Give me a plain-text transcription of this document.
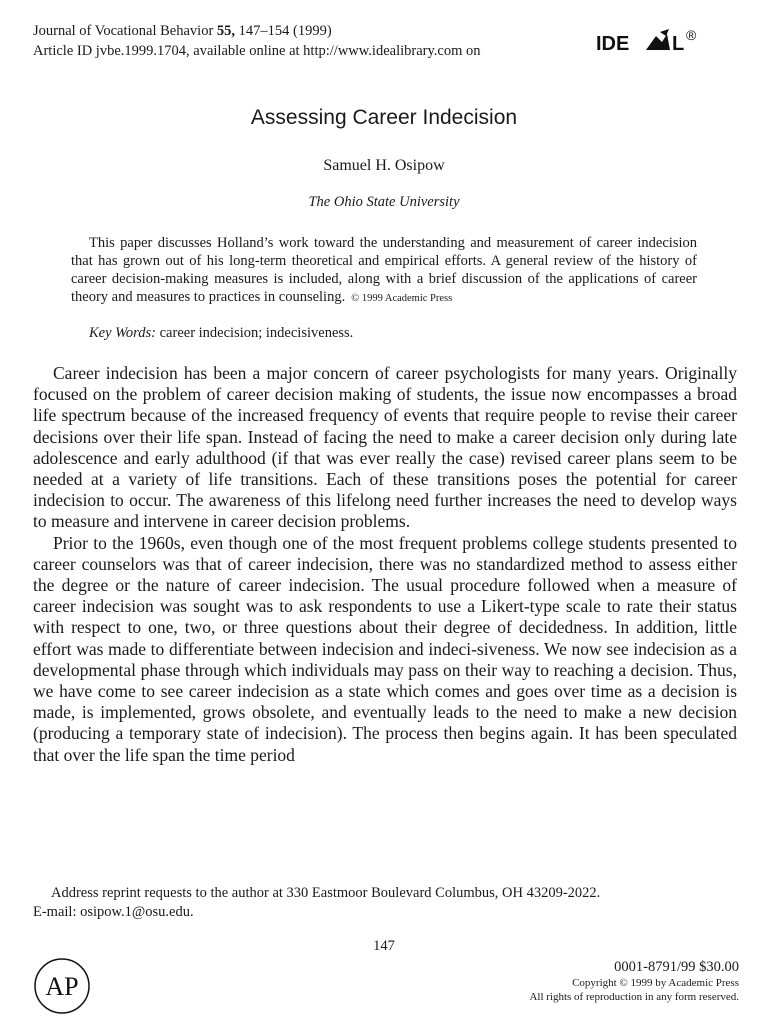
Journal of Vocational Behavior 55, 147–154 (1999)
Article ID jvbe.1999.1704, available online at http://www.idealibrary.com on	IDE L ®
Assessing Career Indecision
Samuel H. Osipow
The Ohio State University

This paper discusses Holland’s work toward the understanding and measurement of career indecision that has grown out of his long-term theoretical and empirical efforts. A general review of the history of career decision-making measures is included, along with a brief discussion of the applications of career theory and measures to practices in counseling. © 1999 Academic Press

Key Words: career indecision; indecisiveness.

Career indecision has been a major concern of career psychologists for many years. Originally focused on the problem of career decision making of students, the issue now encompasses a broad life spectrum because of the increased frequency of events that require people to revise their career decisions over their life span. Instead of facing the need to make a career decision only during late adolescence and early adulthood (if that was ever really the case) revised career plans seem to be needed at a variety of life transitions. Each of these transitions poses the potential for career indecision to occur. The awareness of this lifelong need further increases the need to develop ways to measure and intervene in career decision problems.

Prior to the 1960s, even though one of the most frequent problems college students presented to career counselors was that of career indecision, there was no standardized method to assess either the degree or the nature of career indecision. The usual procedure followed when a measure of career indecision was sought was to ask respondents to use a Likert-type scale to rate their status with respect to one, two, or three questions about their degree of decidedness. In addition, little effort was made to differentiate between indecision and indeci-siveness. We now see indecision as a developmental phase through which individuals may pass on their way to reaching a decision. Thus, we have come to see career indecision as a state which comes and goes over time as a decision is made, is implemented, grows obsolete, and eventually leads to the need to make a new decision (producing a temporary state of indecision). The process then begins again. It has been speculated that over the life span the time period

Address reprint requests to the author at 330 Eastmoor Boulevard Columbus, OH 43209-2022.
E-mail: osipow.1@osu.edu.
147
AP
0001-8791/99 $30.00
Copyright © 1999 by Academic Press
All rights of reproduction in any form reserved.
